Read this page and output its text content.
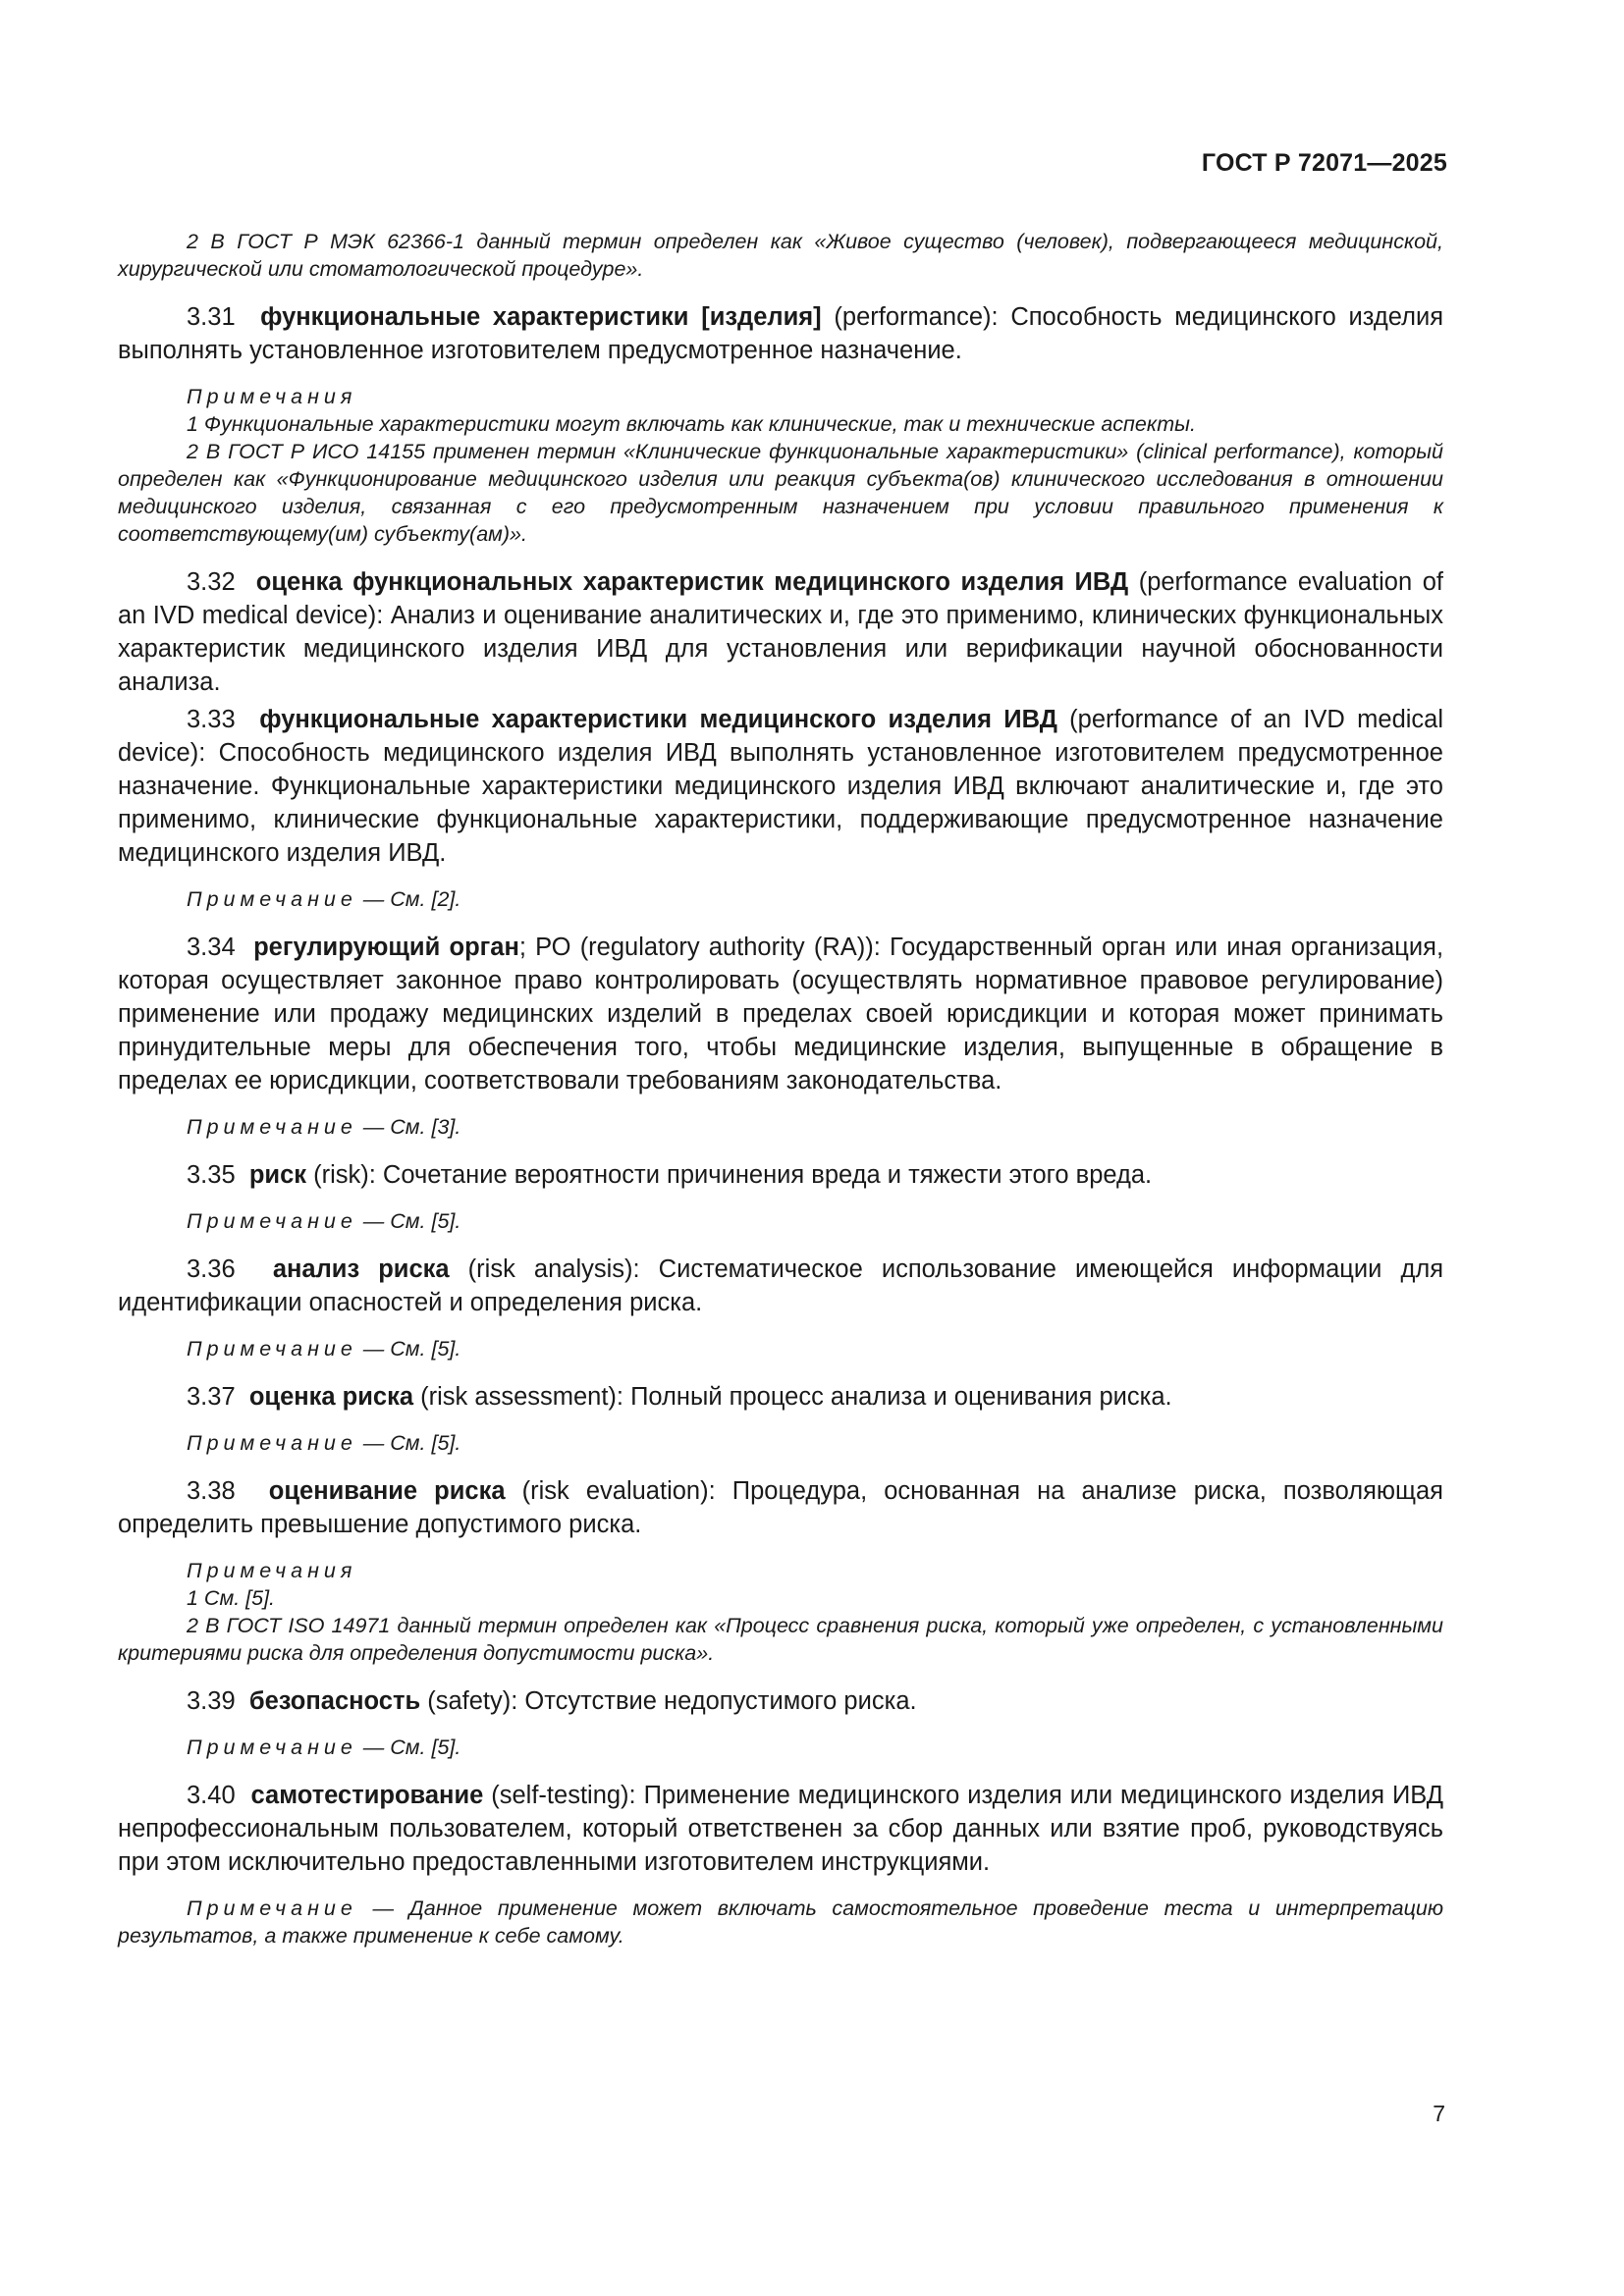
ГОСТ Р 72071—2025

2 В ГОСТ Р МЭК 62366-1 данный термин определен как «Живое существо (человек), подвергающееся медицинской, хирургической или стоматологической процедуре».

3.31 функциональные характеристики [изделия] (performance): Способность медицинского изделия выполнять установленное изготовителем предусмотренное назначение.

Примечания

1 Функциональные характеристики могут включать как клинические, так и технические аспекты.

2 В ГОСТ Р ИСО 14155 применен термин «Клинические функциональные характеристики» (clinical performance), который определен как «Функционирование медицинского изделия или реакция субъекта(ов) клинического исследования в отношении медицинского изделия, связанная с его предусмотренным назначением при условии правильного применения к соответствующему(им) субъекту(ам)».

3.32 оценка функциональных характеристик медицинского изделия ИВД (performance evaluation of an IVD medical device): Анализ и оценивание аналитических и, где это применимо, клинических функциональных характеристик медицинского изделия ИВД для установления или верификации научной обоснованности анализа.

3.33 функциональные характеристики медицинского изделия ИВД (performance of an IVD medical device): Способность медицинского изделия ИВД выполнять установленное изготовителем предусмотренное назначение. Функциональные характеристики медицинского изделия ИВД включают аналитические и, где это применимо, клинические функциональные характеристики, поддерживающие предусмотренное назначение медицинского изделия ИВД.

Примечание — См. [2].

3.34 регулирующий орган; РО (regulatory authority (RA)): Государственный орган или иная организация, которая осуществляет законное право контролировать (осуществлять нормативное правовое регулирование) применение или продажу медицинских изделий в пределах своей юрисдикции и которая может принимать принудительные меры для обеспечения того, чтобы медицинские изделия, выпущенные в обращение в пределах ее юрисдикции, соответствовали требованиям законодательства.

Примечание — См. [3].

3.35 риск (risk): Сочетание вероятности причинения вреда и тяжести этого вреда.

Примечание — См. [5].

3.36 анализ риска (risk analysis): Систематическое использование имеющейся информации для идентификации опасностей и определения риска.

Примечание — См. [5].

3.37 оценка риска (risk assessment): Полный процесс анализа и оценивания риска.

Примечание — См. [5].

3.38 оценивание риска (risk evaluation): Процедура, основанная на анализе риска, позволяющая определить превышение допустимого риска.

Примечания

1 См. [5].

2 В ГОСТ ISO 14971 данный термин определен как «Процесс сравнения риска, который уже определен, с установленными критериями риска для определения допустимости риска».

3.39 безопасность (safety): Отсутствие недопустимого риска.

Примечание — См. [5].

3.40 самотестирование (self-testing): Применение медицинского изделия или медицинского изделия ИВД непрофессиональным пользователем, который ответственен за сбор данных или взятие проб, руководствуясь при этом исключительно предоставленными изготовителем инструкциями.

Примечание — Данное применение может включать самостоятельное проведение теста и интерпретацию результатов, а также применение к себе самому.

7
